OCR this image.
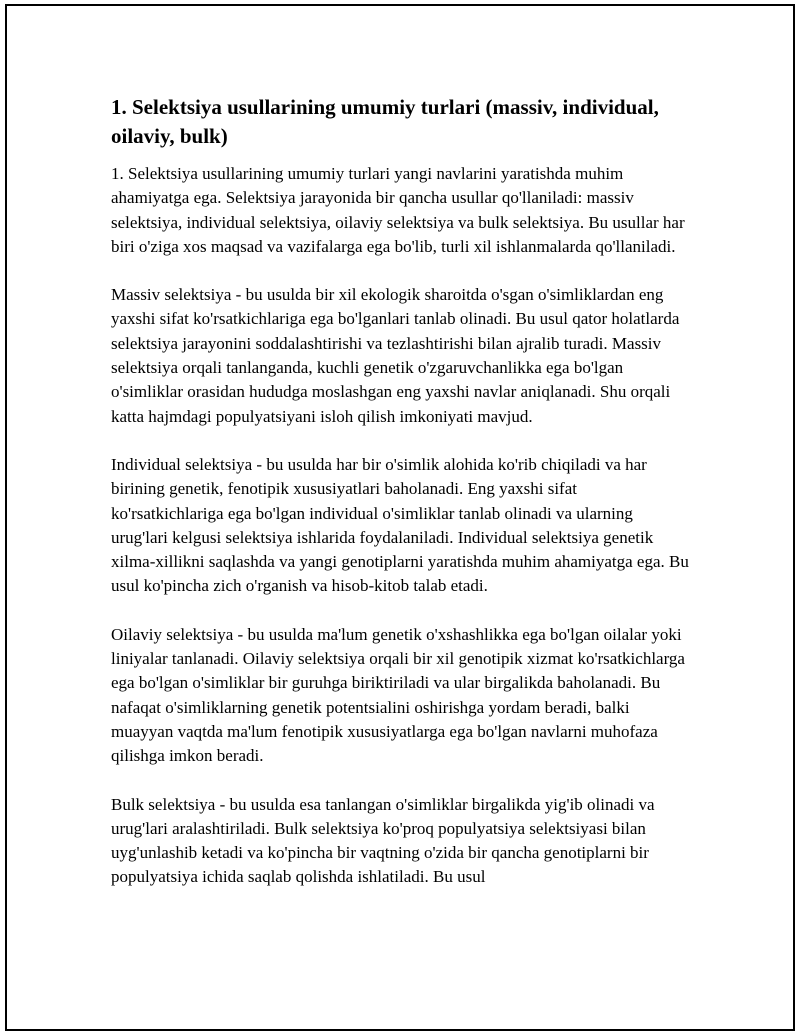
1. Selektsiya usullarining umumiy turlari (massiv, individual, oilaviy, bulk)

1. Selektsiya usullarining umumiy turlari yangi navlarini yaratishda muhim ahamiyatga ega. Selektsiya jarayonida bir qancha usullar qo'llaniladi: massiv selektsiya, individual selektsiya, oilaviy selektsiya va bulk selektsiya. Bu usullar har biri o'ziga xos maqsad va vazifalarga ega bo'lib, turli xil ishlanmalarda qo'llaniladi.

Massiv selektsiya - bu usulda bir xil ekologik sharoitda o'sgan o'simliklardan eng yaxshi sifat ko'rsatkichlariga ega bo'lganlari tanlab olinadi. Bu usul qator holatlarda selektsiya jarayonini soddalashtirishi va tezlashtirishi bilan ajralib turadi. Massiv selektsiya orqali tanlanganda, kuchli genetik o'zgaruvchanlikka ega bo'lgan o'simliklar orasidan hududga moslashgan eng yaxshi navlar aniqlanadi. Shu orqali katta hajmdagi populyatsiyani isloh qilish imkoniyati mavjud.

Individual selektsiya - bu usulda har bir o'simlik alohida ko'rib chiqiladi va har birining genetik, fenotipik xususiyatlari baholanadi. Eng yaxshi sifat ko'rsatkichlariga ega bo'lgan individual o'simliklar tanlab olinadi va ularning urug'lari kelgusi selektsiya ishlarida foydalaniladi. Individual selektsiya genetik xilma-xillikni saqlashda va yangi genotiplarni yaratishda muhim ahamiyatga ega. Bu usul ko'pincha zich o'rganish va hisob-kitob talab etadi.

Oilaviy selektsiya - bu usulda ma'lum genetik o'xshashlikka ega bo'lgan oilalar yoki liniyalar tanlanadi. Oilaviy selektsiya orqali bir xil genotipik xizmat ko'rsatkichlarga ega bo'lgan o'simliklar bir guruhga biriktiriladi va ular birgalikda baholanadi. Bu nafaqat o'simliklarning genetik potentsialini oshirishga yordam beradi, balki muayyan vaqtda ma'lum fenotipik xususiyatlarga ega bo'lgan navlarni muhofaza qilishga imkon beradi.

Bulk selektsiya - bu usulda esa tanlangan o'simliklar birgalikda yig'ib olinadi va urug'lari aralashtiriladi. Bulk selektsiya ko'proq populyatsiya selektsiyasi bilan uyg'unlashib ketadi va ko'pincha bir vaqtning o'zida bir qancha genotiplarni bir populyatsiya ichida saqlab qolishda ishlatiladi. Bu usul
